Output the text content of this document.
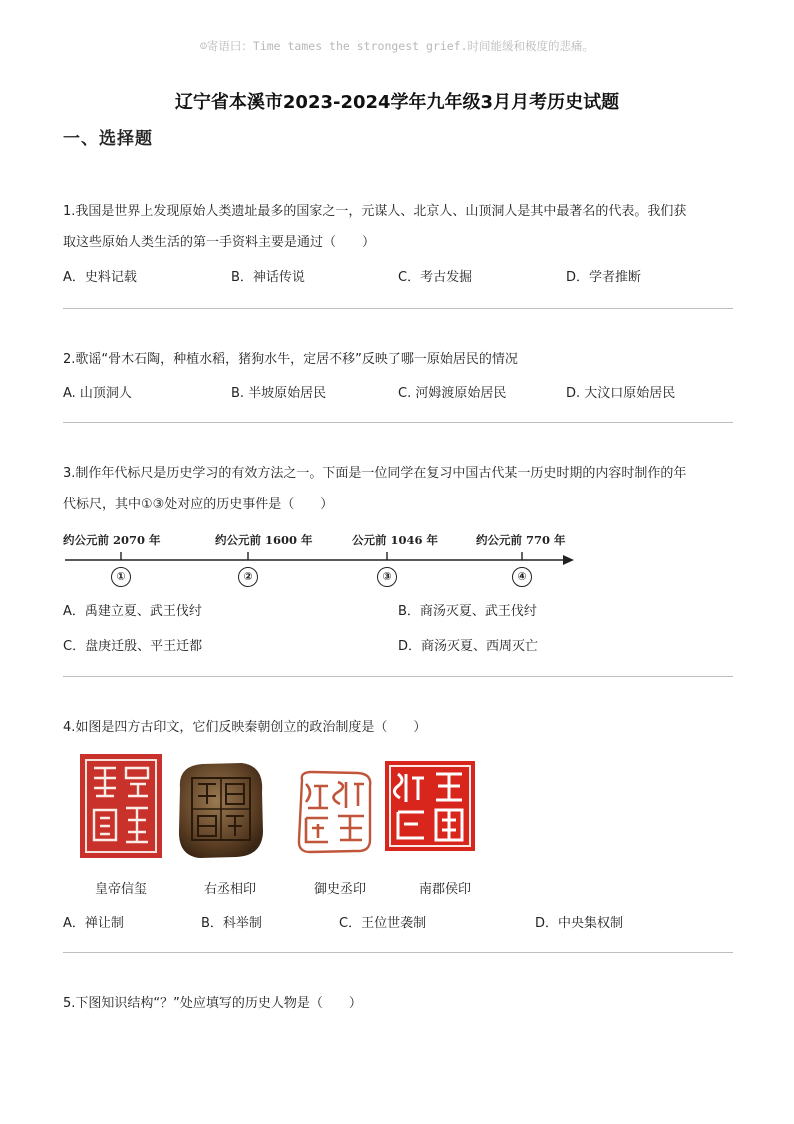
☺寄语曰：Time tames the strongest grief.时间能缓和极度的悲痛。
辽宁省本溪市2023-2024学年九年级3月月考历史试题
一、选择题
1.我国是世界上发现原始人类遗址最多的国家之一，元谋人、北京人、山顶洞人是其中最著名的代表。我们获
取这些原始人类生活的第一手资料主要是通过（　　）
A．史料记载	B．神话传说	C．考古发掘	D．学者推断
2.歌谣“骨木石陶，种植水稻，猪狗水牛，定居不移”反映了哪一原始居民的情况
A. 山顶洞人	B. 半坡原始居民	C. 河姆渡原始居民	D. 大汶口原始居民
3.制作年代标尺是历史学习的有效方法之一。下面是一位同学在复习中国古代某一历史时期的内容时制作的年
代标尺，其中①③处对应的历史事件是（　　）
约公元前 2070 年	约公元前 1600 年	公元前 1046 年	约公元前 770 年
①	②	③	④
A．禹建立夏、武王伐纣	B．商汤灭夏、武王伐纣
C．盘庚迁殷、平王迁都	D．商汤灭夏、西周灭亡
4.如图是四方古印文，它们反映秦朝创立的政治制度是（　　）
皇帝信玺	右丞相印	御史丞印	南郡侯印
A．禅让制	B．科举制	C．王位世袭制	D．中央集权制
5.下图知识结构“？”处应填写的历史人物是（　　）
